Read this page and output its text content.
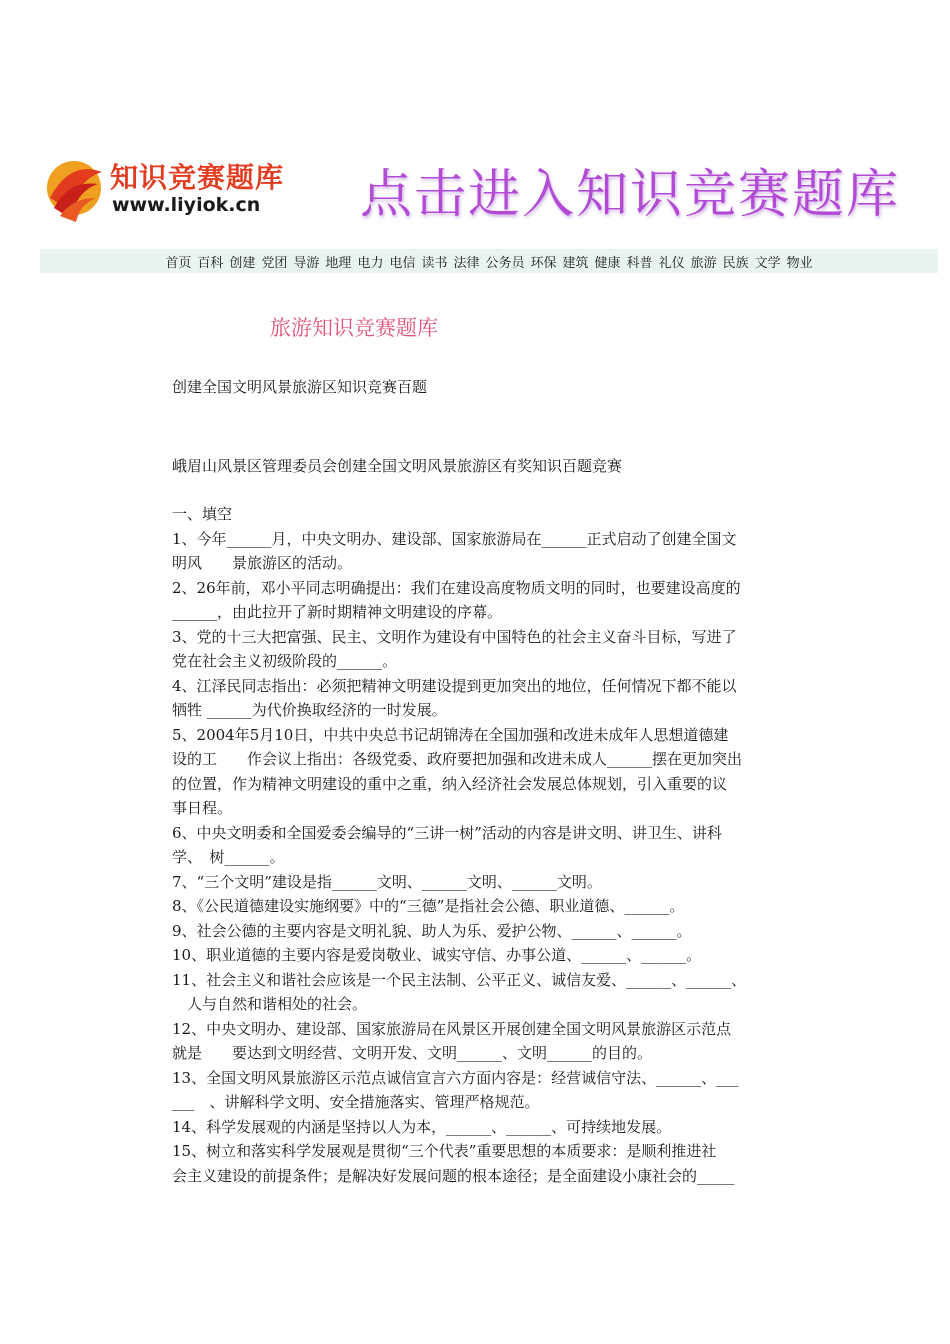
知识竞赛题库
www.liyiok.cn 点击进入知识竞赛题库
首页 百科 创建 党团 导游 地理 电力 电信 读书 法律 公务员 环保 建筑 健康 科普 礼仪 旅游 民族 文学 物业
旅游知识竞赛题库

创建全国文明风景旅游区知识竞赛百题

峨眉山风景区管理委员会创建全国文明风景旅游区有奖知识百题竞赛

一、填空

1、今年______月，中央文明办、建设部、国家旅游局在______正式启动了创建全国文

明风　　景旅游区的活动。

2、26年前，邓小平同志明确提出：我们在建设高度物质文明的同时，也要建设高度的

______，由此拉开了新时期精神文明建设的序幕。

3、党的十三大把富强、民主、文明作为建设有中国特色的社会主义奋斗目标，写进了

党在社会主义初级阶段的______。

4、江泽民同志指出：必须把精神文明建设提到更加突出的地位，任何情况下都不能以

牺牲 ______为代价换取经济的一时发展。

5、2004年5月10日，中共中央总书记胡锦涛在全国加强和改进未成年人思想道德建

设的工　　作会议上指出：各级党委、政府要把加强和改进未成人______摆在更加突出

的位置，作为精神文明建设的重中之重，纳入经济社会发展总体规划，引入重要的议

事日程。

6、中央文明委和全国爱委会编导的“三讲一树”活动的内容是讲文明、讲卫生、讲科

学、　树______。

7、“三个文明”建设是指______文明、______文明、______文明。

8、《公民道德建设实施纲要》中的“三德”是指社会公德、职业道德、______。

9、社会公德的主要内容是文明礼貌、助人为乐、爱护公物、______、______。

10、职业道德的主要内容是爱岗敬业、诚实守信、办事公道、______、______。

11、社会主义和谐社会应该是一个民主法制、公平正义、诚信友爱、______、______、

　人与自然和谐相处的社会。

12、中央文明办、建设部、国家旅游局在风景区开展创建全国文明风景旅游区示范点

就是　　要达到文明经营、文明开发、文明______、文明______的目的。

13、全国文明风景旅游区示范点诚信宣言六方面内容是：经营诚信守法、______、___

___　、讲解科学文明、安全措施落实、管理严格规范。

14、科学发展观的内涵是坚持以人为本，______、______、可持续地发展。

15、树立和落实科学发展观是贯彻“三个代表”重要思想的本质要求：是顺利推进社

会主义建设的前提条件；是解决好发展问题的根本途径；是全面建设小康社会的_____
